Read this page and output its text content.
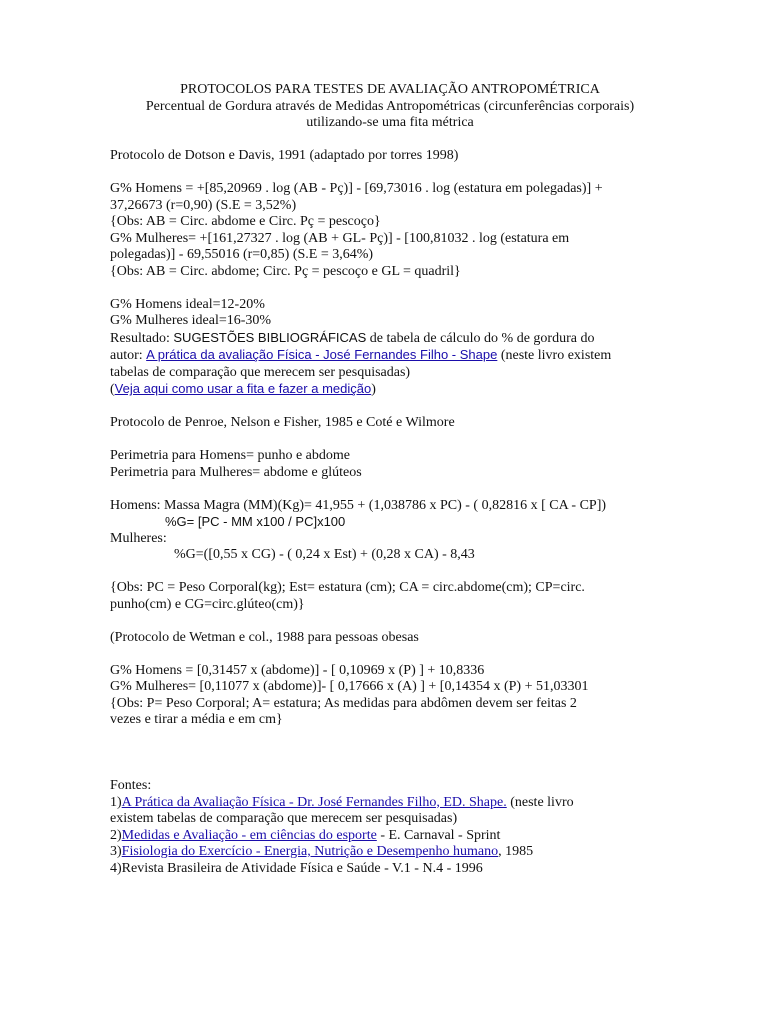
PROTOCOLOS PARA TESTES DE AVALIAÇÃO ANTROPOMÉTRICA
Percentual de Gordura através de Medidas Antropométricas (circunferências corporais)
utilizando-se uma fita métrica
Protocolo de Dotson e Davis, 1991 (adaptado por torres 1998)
G% Homens = +[85,20969 . log (AB - Pç)] - [69,73016 . log (estatura em polegadas)] +
37,26673 (r=0,90) (S.E = 3,52%)
{Obs: AB = Circ. abdome e Circ. Pç = pescoço}
G% Mulheres= +[161,27327 . log (AB + GL- Pç)] - [100,81032 . log (estatura em
polegadas)] - 69,55016 (r=0,85) (S.E = 3,64%)
{Obs: AB = Circ. abdome; Circ. Pç = pescoço e GL = quadril}
G% Homens ideal=12-20%
G% Mulheres ideal=16-30%
Resultado: SUGESTÕES BIBLIOGRÁFICAS de tabela de cálculo do % de gordura do
autor: A prática da avaliação Física - José Fernandes Filho - Shape (neste livro existem
tabelas de comparação que merecem ser pesquisadas)
(Veja aqui como usar a fita e fazer a medição)
Protocolo de Penroe, Nelson e Fisher, 1985 e Coté e Wilmore
Perimetria para Homens= punho e abdome
Perimetria para Mulheres= abdome e glúteos
Homens: Massa Magra (MM)(Kg)= 41,955 + (1,038786 x PC) - ( 0,82816 x [ CA - CP])
%G= [PC - MM x100 / PC]x100
Mulheres:
%G=([0,55 x CG) - ( 0,24 x Est) + (0,28 x CA) - 8,43
{Obs: PC = Peso Corporal(kg); Est= estatura (cm); CA = circ.abdome(cm); CP=circ.
punho(cm) e CG=circ.glúteo(cm)}
(Protocolo de Wetman e col., 1988 para pessoas obesas
G% Homens = [0,31457 x (abdome)] - [ 0,10969 x (P) ] + 10,8336
G% Mulheres= [0,11077 x (abdome)]- [ 0,17666 x (A) ] + [0,14354 x (P) + 51,03301
{Obs: P= Peso Corporal; A= estatura; As medidas para abdômen devem ser feitas 2
vezes e tirar a média e em cm}
Fontes:
1)A Prática da Avaliação Física - Dr. José Fernandes Filho, ED. Shape. (neste livro
existem tabelas de comparação que merecem ser pesquisadas)
2)Medidas e Avaliação - em ciências do esporte - E. Carnaval - Sprint
3)Fisiologia do Exercício - Energia, Nutrição e Desempenho humano, 1985
4)Revista Brasileira de Atividade Física e Saúde - V.1 - N.4 - 1996
